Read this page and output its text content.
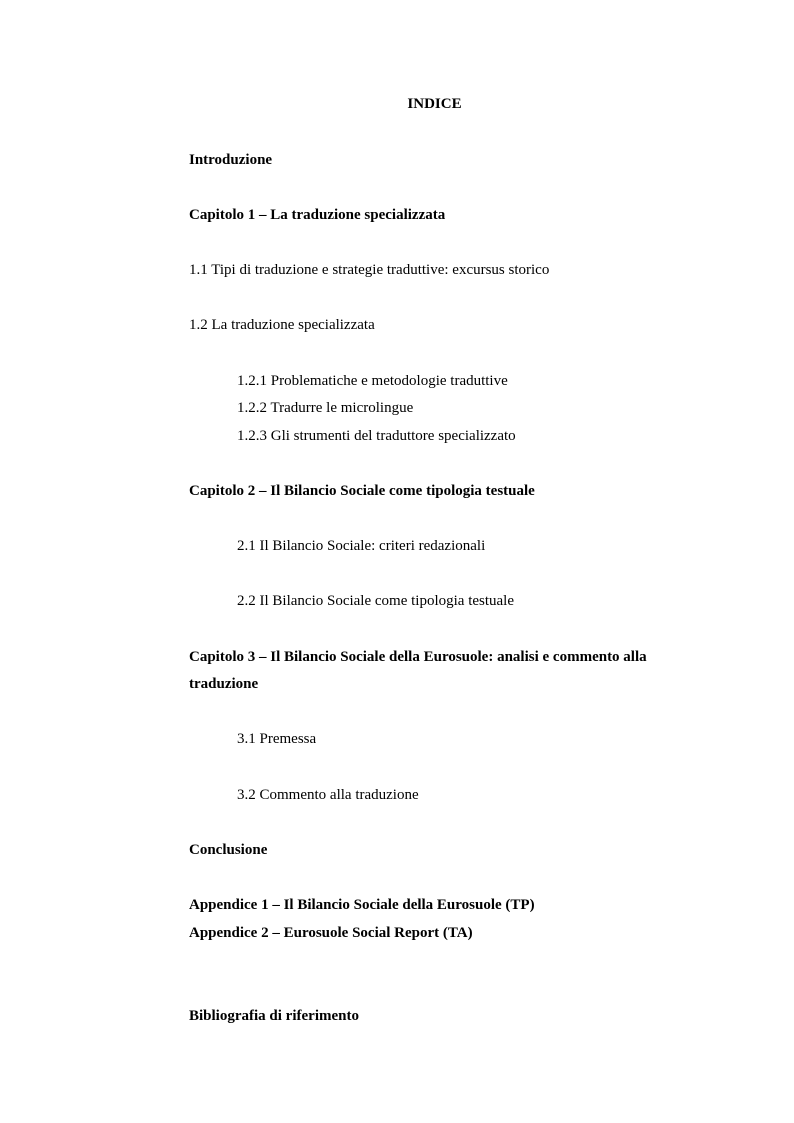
INDICE
Introduzione
Capitolo 1 – La traduzione specializzata
1.1 Tipi di traduzione e strategie traduttive: excursus storico
1.2 La traduzione specializzata
1.2.1 Problematiche e metodologie traduttive
1.2.2 Tradurre le microlingue
1.2.3 Gli strumenti del traduttore specializzato
Capitolo 2 – Il Bilancio Sociale come tipologia testuale
2.1 Il Bilancio Sociale: criteri redazionali
2.2 Il Bilancio Sociale come tipologia testuale
Capitolo 3 – Il Bilancio Sociale della Eurosuole: analisi e commento alla
traduzione
3.1 Premessa
3.2 Commento alla traduzione
Conclusione
Appendice 1 – Il Bilancio Sociale della Eurosuole (TP)
Appendice 2 – Eurosuole Social Report (TA)
Bibliografia di riferimento
